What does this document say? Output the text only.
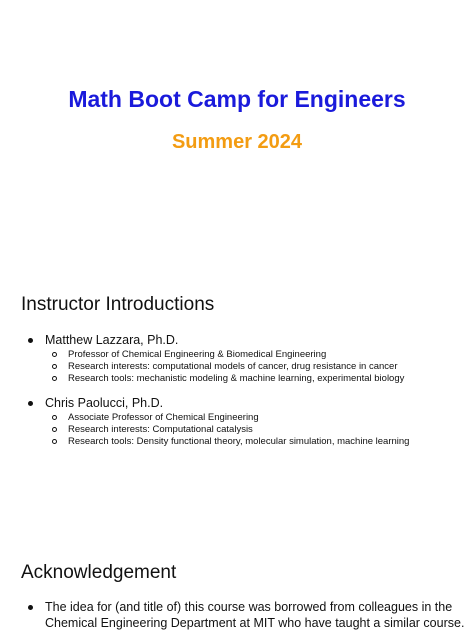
Math Boot Camp for Engineers
Summer 2024
Instructor Introductions
Matthew Lazzara, Ph.D.
Professor of Chemical Engineering & Biomedical Engineering
Research interests: computational models of cancer, drug resistance in cancer
Research tools: mechanistic modeling & machine learning, experimental biology
Chris Paolucci, Ph.D.
Associate Professor of Chemical Engineering
Research interests: Computational catalysis
Research tools: Density functional theory, molecular simulation, machine learning
Acknowledgement
The idea for (and title of) this course was borrowed from colleagues in the Chemical Engineering Department at MIT who have taught a similar course.
